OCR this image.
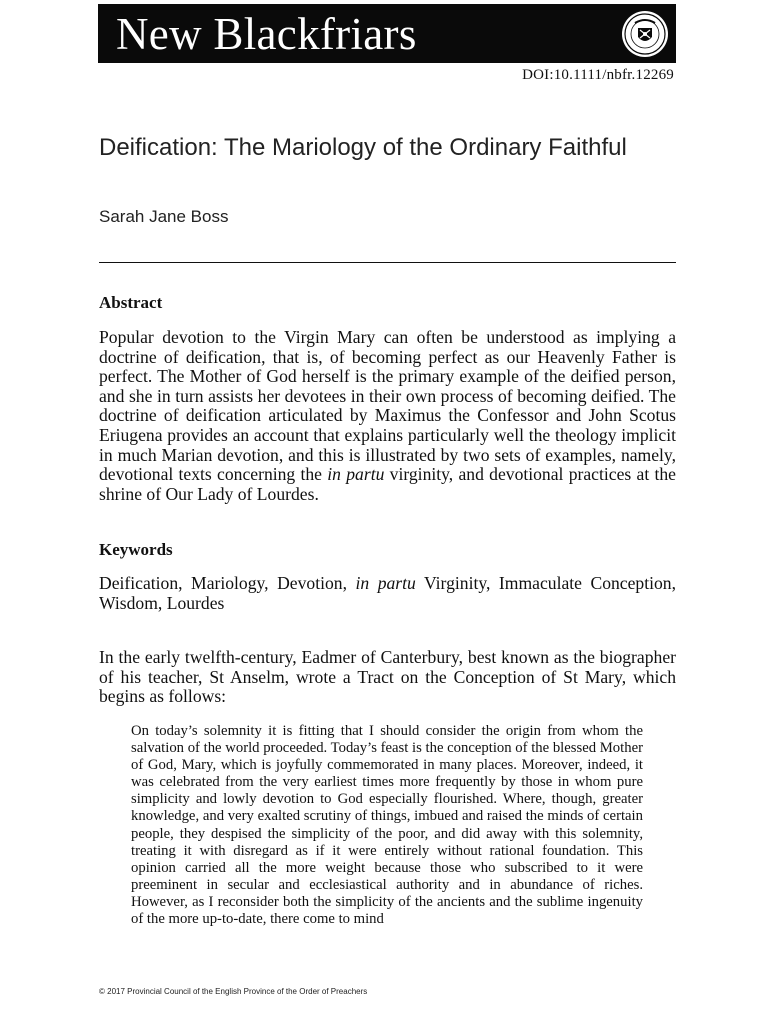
New Blackfriars
DOI:10.1111/nbfr.12269
Deification: The Mariology of the Ordinary Faithful
Sarah Jane Boss
Abstract
Popular devotion to the Virgin Mary can often be understood as implying a doctrine of deification, that is, of becoming perfect as our Heavenly Father is perfect. The Mother of God herself is the primary example of the deified person, and she in turn assists her devotees in their own process of becoming deified. The doctrine of deification articulated by Maximus the Confessor and John Scotus Eriugena provides an account that explains particularly well the theology implicit in much Marian devotion, and this is illustrated by two sets of examples, namely, devotional texts concerning the in partu virginity, and devotional practices at the shrine of Our Lady of Lourdes.
Keywords
Deification, Mariology, Devotion, in partu Virginity, Immaculate Conception, Wisdom, Lourdes
In the early twelfth-century, Eadmer of Canterbury, best known as the biographer of his teacher, St Anselm, wrote a Tract on the Conception of St Mary, which begins as follows:
On today’s solemnity it is fitting that I should consider the origin from whom the salvation of the world proceeded. Today’s feast is the conception of the blessed Mother of God, Mary, which is joyfully commemorated in many places. Moreover, indeed, it was celebrated from the very earliest times more frequently by those in whom pure simplicity and lowly devotion to God especially flourished. Where, though, greater knowledge, and very exalted scrutiny of things, imbued and raised the minds of certain people, they despised the simplicity of the poor, and did away with this solemnity, treating it with disregard as if it were entirely without rational foundation. This opinion carried all the more weight because those who subscribed to it were preeminent in secular and ecclesiastical authority and in abundance of riches. However, as I reconsider both the simplicity of the ancients and the sublime ingenuity of the more up-to-date, there come to mind
© 2017 Provincial Council of the English Province of the Order of Preachers
